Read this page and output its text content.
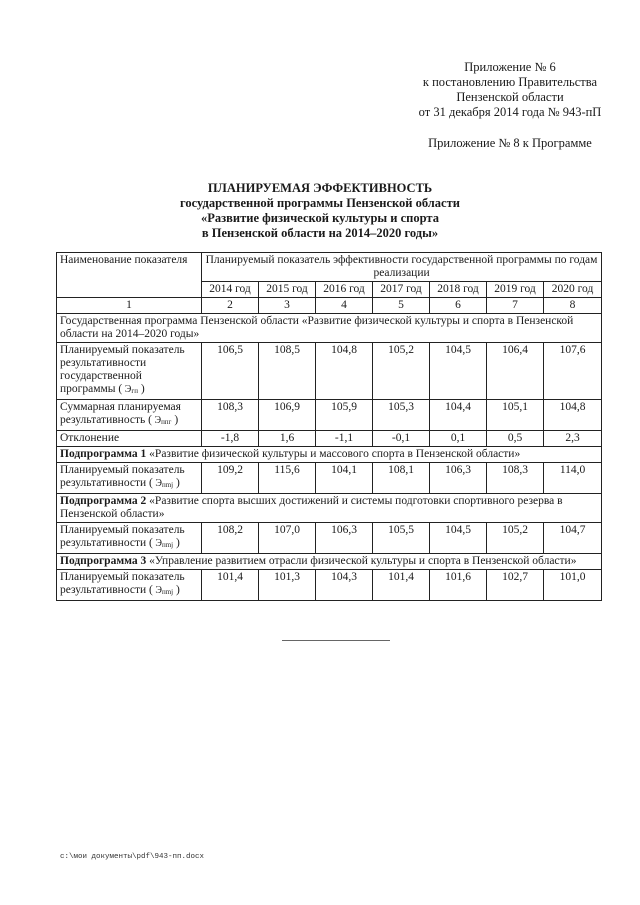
Приложение № 6
к постановлению Правительства
Пензенской области
от 31 декабря 2014 года № 943-пП
Приложение № 8 к Программе
ПЛАНИРУЕМАЯ ЭФФЕКТИВНОСТЬ
государственной программы Пензенской области
«Развитие физической культуры и спорта
в Пензенской области на 2014–2020 годы»
Наименование показателя	Планируемый показатель эффективности государственной программы по годам реализации						
	2014 год	2015 год	2016 год	2017 год	2018 год	2019 год	2020 год
1	2	3	4	5	6	7	8
Государственная программа Пензенской области «Развитие физической культуры и спорта в Пензенской области на 2014–2020 годы»							
Планируемый показатель результативности государственной программы ( $Э_{гп}$ )	106,5	108,5	104,8	105,2	104,5	106,4	107,6
Суммарная планируемая результативность ( $Э_{ппг}$ )	108,3	106,9	105,9	105,3	104,4	105,1	104,8
Отклонение	-1,8	1,6	-1,1	-0,1	0,1	0,5	2,3
Подпрограмма 1 «Развитие физической культуры и массового спорта в Пензенской области»							
Планируемый показатель результативности ( $Э_{пmj}$ )	109,2	115,6	104,1	108,1	106,3	108,3	114,0
Подпрограмма 2 «Развитие спорта высших достижений и системы подготовки спортивного резерва в Пензенской области»							
Планируемый показатель результативности ( $Э_{пmj}$ )	108,2	107,0	106,3	105,5	104,5	105,2	104,7
Подпрограмма 3 «Управление развитием отрасли физической культуры и спорта в Пензенской области»							
Планируемый показатель результативности ( $Э_{пmj}$ )	101,4	101,3	104,3	101,4	101,6	102,7	101,0
c:\мои документы\pdf\943-пп.docx
